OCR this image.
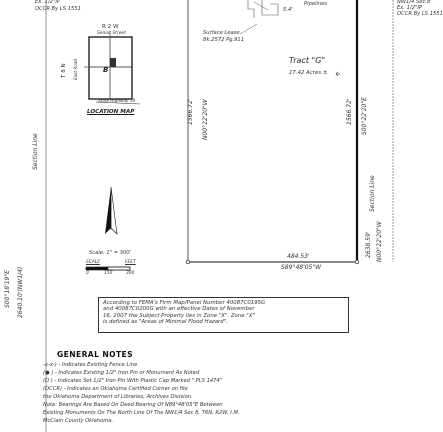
Ex. 1/2"IP
OCCR By LS 1551
NW1/4 Sec.8
Ex. 1/2"IP
OCCR By LS 1551
Pipelines
5.4'
Surface Lease
Bk.2572 Pg.911
Tract "G"
17.42 Acres ±
R 2 W
Senior Street
T 8 N East Road	B
State Highway 19
LOCATION MAP	N00°22'20"W
1566.72'	1566.72' S00°22'20"E
484.53'
S89°48'05"W
2638.59' N00°22'20"W
Section Line
Section Line
S00°18'19"E 2640.10'(NW1/4)
Scale: 1" = 300'
SCALE	FEET
0	150	300
According to FEMA's Firm Map/Panel Number 40087C0195G
and 40087C0200G with an effective Dates of November
16, 2007 the Subject Property lies in Zone "X". Zone "X"
is defined as "Areas of Minimal Flood Hazard".
GENERAL NOTES
-x-x-) - Indicates Existing Fence Line
(● ) - Indicates Existing 1/2" Iron Pin or Monument As Noted
(O ) - Indicates Set 1/2" Iron Pin With Plastic Cap Marked " PLS 1474"
(OCCR) - Indicates an Oklahoma Certified Corner on file
the Oklahoma Department of Libraries, Archives Division.
Note: Bearings Are Based On Deed Bearing Of N89°48'05"E Between
Existing Monuments On The North Line Of The NW1/4 Sec 8, T6N, R2W, I.M.
McClain County Oklahoma.
